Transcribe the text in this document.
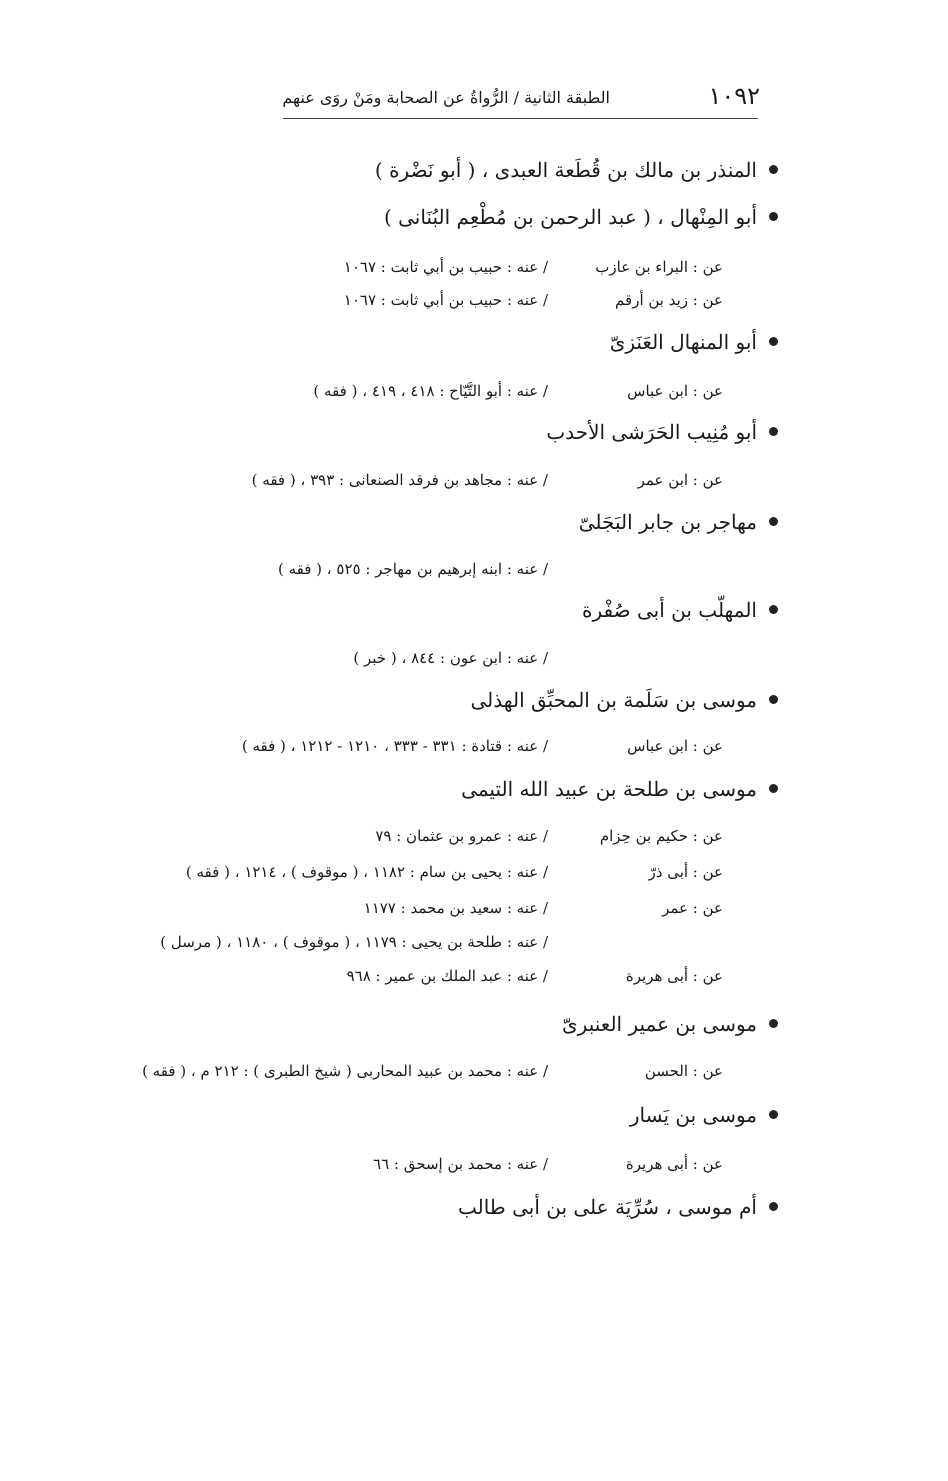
١٠٩٢
الطبقة الثانية / الرُّواةُ عن الصحابة ومَنْ روَى عنهم
المنذر بن مالك بن قُطَعة العبدى ، ( أبو نَضْرة )
أبو المِنْهال ، ( عبد الرحمن بن مُطْعِم البُنَانى )
عن : البراء بن عازب
/ عنه : حبيب بن أبي ثابت : ١٠٦٧
عن : زيد بن أرقم
/ عنه : حبيب بن أبي ثابت : ١٠٦٧
أبو المنهال العَنَزىّ
عن : ابن عباس
/ عنه : أبو التَّيّاح : ٤١٨ ، ٤١٩ ، ( فقه )
أبو مُنِيب الحَرَشى الأحدب
عن : ابن عمر
/ عنه : مجاهد بن فرقد الصنعانى : ٣٩٣ ، ( فقه )
مهاجر بن جابر البَجَلىّ
/ عنه : ابنه إبرهيم بن مهاجر : ٥٢٥ ، ( فقه )
المهلّب بن أبى صُفْرة
/ عنه : ابن عون : ٨٤٤ ، ( خبر )
موسى بن سَلَمة بن المحبِّق الهذلى
عن : ابن عباس
/ عنه : قتادة : ٣٣١ - ٣٣٣ ، ١٢١٠ - ١٢١٢ ، ( فقه )
موسى بن طلحة بن عبيد الله التيمى
عن : حكيم بن حِزام
/ عنه : عمرو بن عثمان : ٧٩
عن : أبى ذرّ
/ عنه : يحيى بن سام : ١١٨٢ ، ( موقوف ) ، ١٢١٤ ، ( فقه )
عن : عمر
/ عنه : سعيد بن محمد : ١١٧٧
/ عنه : طلحة بن يحيى : ١١٧٩ ، ( موقوف ) ، ١١٨٠ ، ( مرسل )
عن : أبى هريرة
/ عنه : عبد الملك بن عمير : ٩٦٨
موسى بن عمير العنبرىّ
عن : الحسن
/ عنه : محمد بن عبيد المحاربى ( شيخ الطبرى ) : ٢١٢ م ، ( فقه )
موسى بن يَسار
عن : أبى هريرة
/ عنه : محمد بن إسحق : ٦٦
أم موسى ، سُرِّيَة على بن أبى طالب
